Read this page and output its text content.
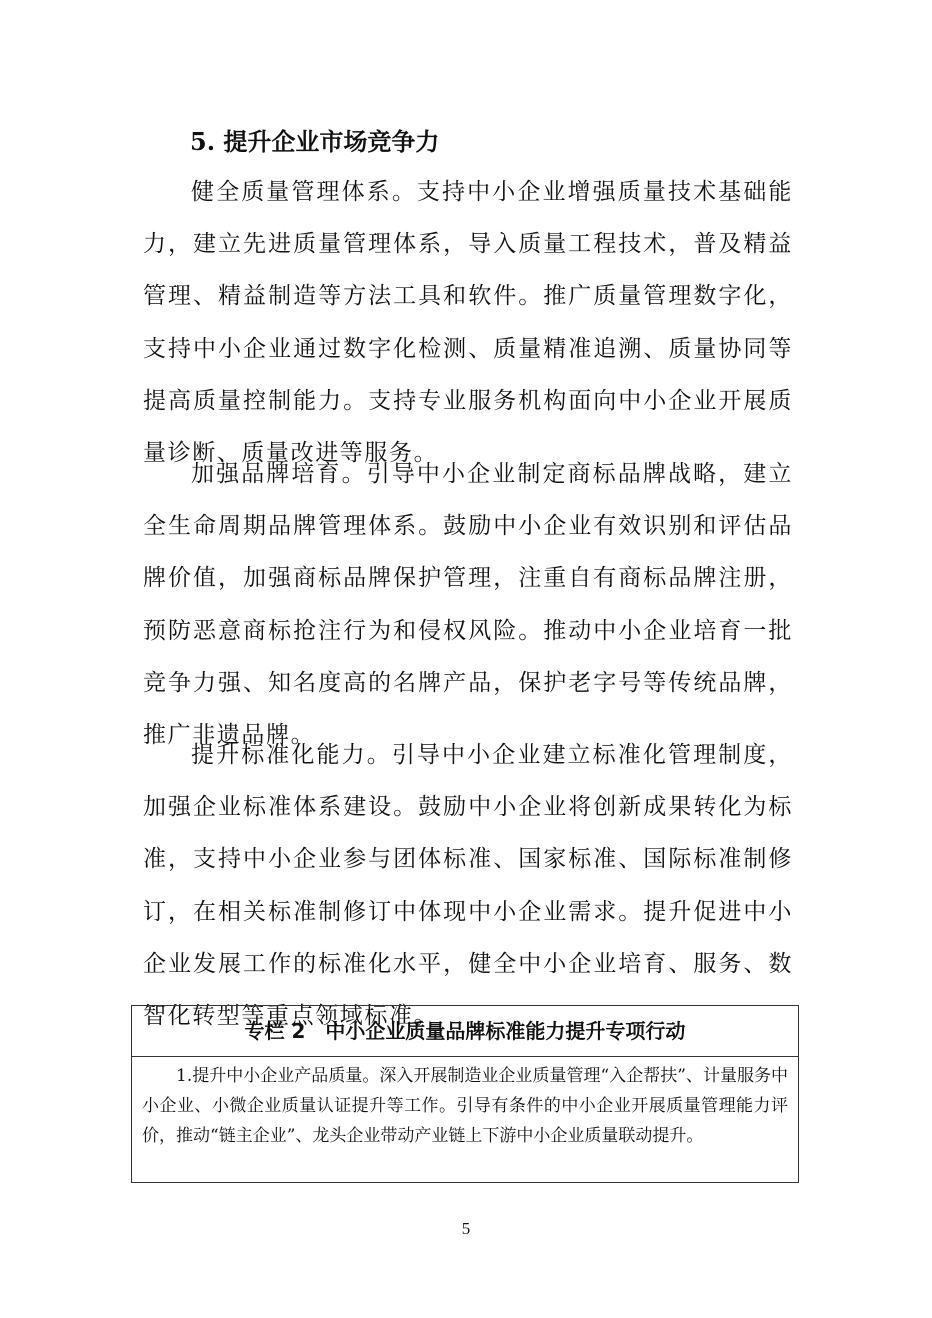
5. 提升企业市场竞争力

健全质量管理体系。支持中小企业增强质量技术基础能力，建立先进质量管理体系，导入质量工程技术，普及精益管理、精益制造等方法工具和软件。推广质量管理数字化，支持中小企业通过数字化检测、质量精准追溯、质量协同等提高质量控制能力。支持专业服务机构面向中小企业开展质量诊断、质量改进等服务。

加强品牌培育。引导中小企业制定商标品牌战略，建立全生命周期品牌管理体系。鼓励中小企业有效识别和评估品牌价值，加强商标品牌保护管理，注重自有商标品牌注册，预防恶意商标抢注行为和侵权风险。推动中小企业培育一批竞争力强、知名度高的名牌产品，保护老字号等传统品牌，推广非遗品牌。

提升标准化能力。引导中小企业建立标准化管理制度，加强企业标准体系建设。鼓励中小企业将创新成果转化为标准，支持中小企业参与团体标准、国家标准、国际标准制修订，在相关标准制修订中体现中小企业需求。提升促进中小企业发展工作的标准化水平，健全中小企业培育、服务、数智化转型等重点领域标准。

专栏 2　中小企业质量品牌标准能力提升专项行动

1.提升中小企业产品质量。深入开展制造业企业质量管理“入企帮扶”、计量服务中小企业、小微企业质量认证提升等工作。引导有条件的中小企业开展质量管理能力评价，推动“链主企业”、龙头企业带动产业链上下游中小企业质量联动提升。

5
